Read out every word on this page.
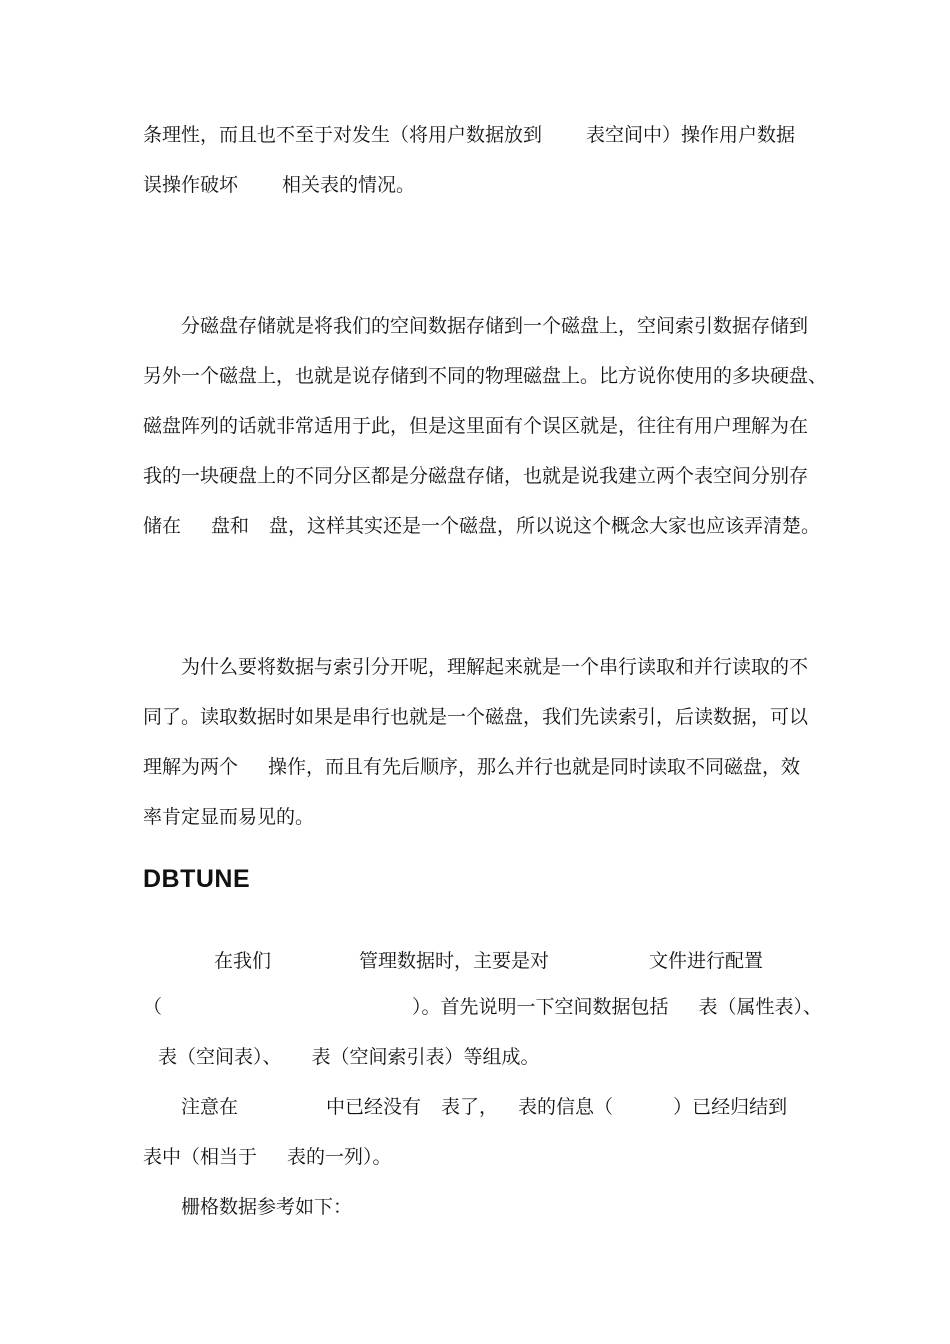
条理性，而且也不至于对发生（将用户数据放到 表空间中）操作用户数据
误操作破坏 相关表的情况。
分磁盘存储就是将我们的空间数据存储到一个磁盘上，空间索引数据存储到
另外一个磁盘上，也就是说存储到不同的物理磁盘上。比方说你使用的多块硬盘、
磁盘阵列的话就非常适用于此，但是这里面有个误区就是，往往有用户理解为在
我的一块硬盘上的不同分区都是分磁盘存储，也就是说我建立两个表空间分别存
储在 盘和 盘，这样其实还是一个磁盘，所以说这个概念大家也应该弄清楚。
为什么要将数据与索引分开呢，理解起来就是一个串行读取和并行读取的不
同了。读取数据时如果是串行也就是一个磁盘，我们先读索引，后读数据，可以
理解为两个 操作，而且有先后顺序，那么并行也就是同时读取不同磁盘，效
率肯定显而易见的。
DBTUNE
在我们	管理数据时，主要是对	文件进行配置
（	）。首先说明一下空间数据包括 表（属性表）、
表（空间表）、 表（空间索引表）等组成。
注意在	中已经没有 表了， 表的信息（	）已经归结到
表中（相当于 表的一列）。
栅格数据参考如下：
